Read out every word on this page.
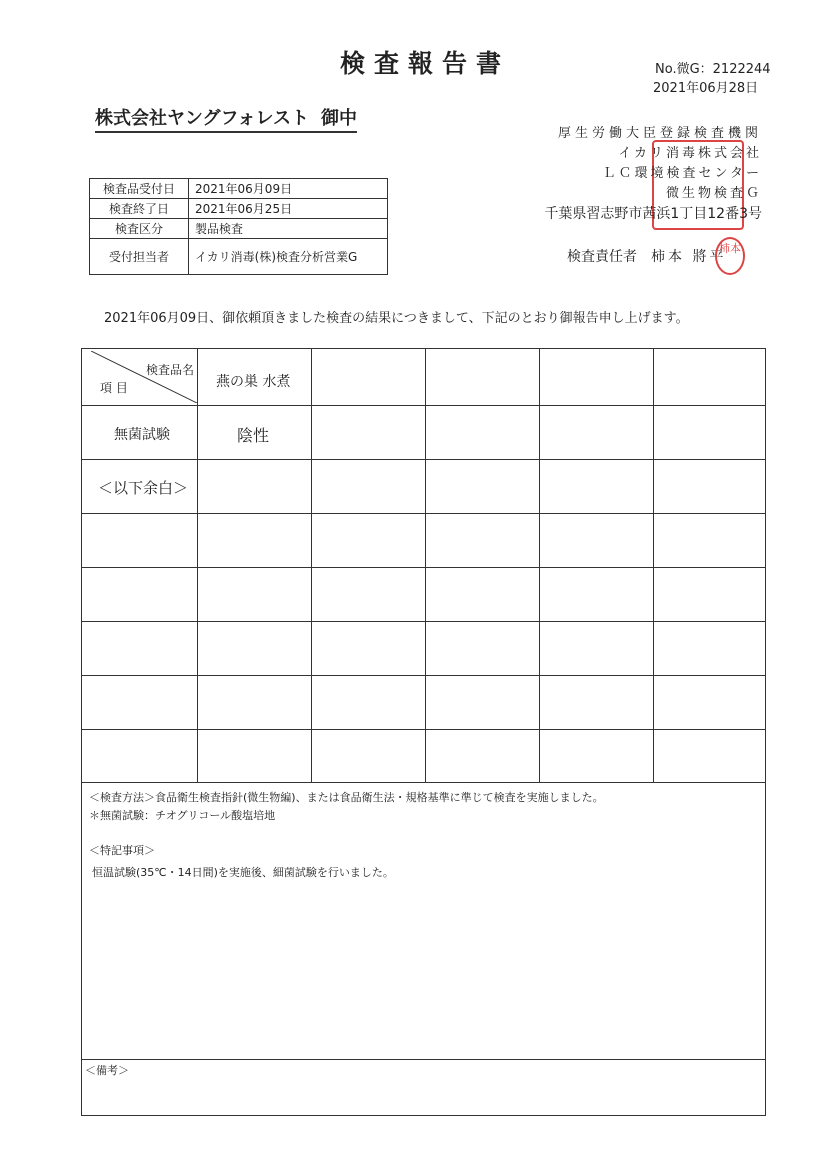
検査報告書	No.微G：2122244
2021年06月28日
株式会社ヤングフォレスト 御中
厚生労働大臣登録検査機関
イカリ消毒株式会社
ＬＣ環境検査センター
微生物検査Ｇ
千葉県習志野市茜浜1丁目12番3号
検査責任者 柿本 將平
柿本
検査品受付日	2021年06月09日
検査終了日	2021年06月25日
検査区分	製品検査
受付担当者	イカリ消毒(株)検査分析営業G
2021年06月09日、御依頼頂きました検査の結果につきまして、下記のとおり御報告申し上げます。
検査品名
項 目	燕の巣 水煮
無菌試験	陰性
＜以下余白＞
＜検査方法＞食品衛生検査指針(微生物編)、または食品衛生法・規格基準に準じて検査を実施しました。
＊無菌試験：チオグリコール酸塩培地
＜特記事項＞
恒温試験(35℃・14日間)を実施後、細菌試験を行いました。
＜備考＞
